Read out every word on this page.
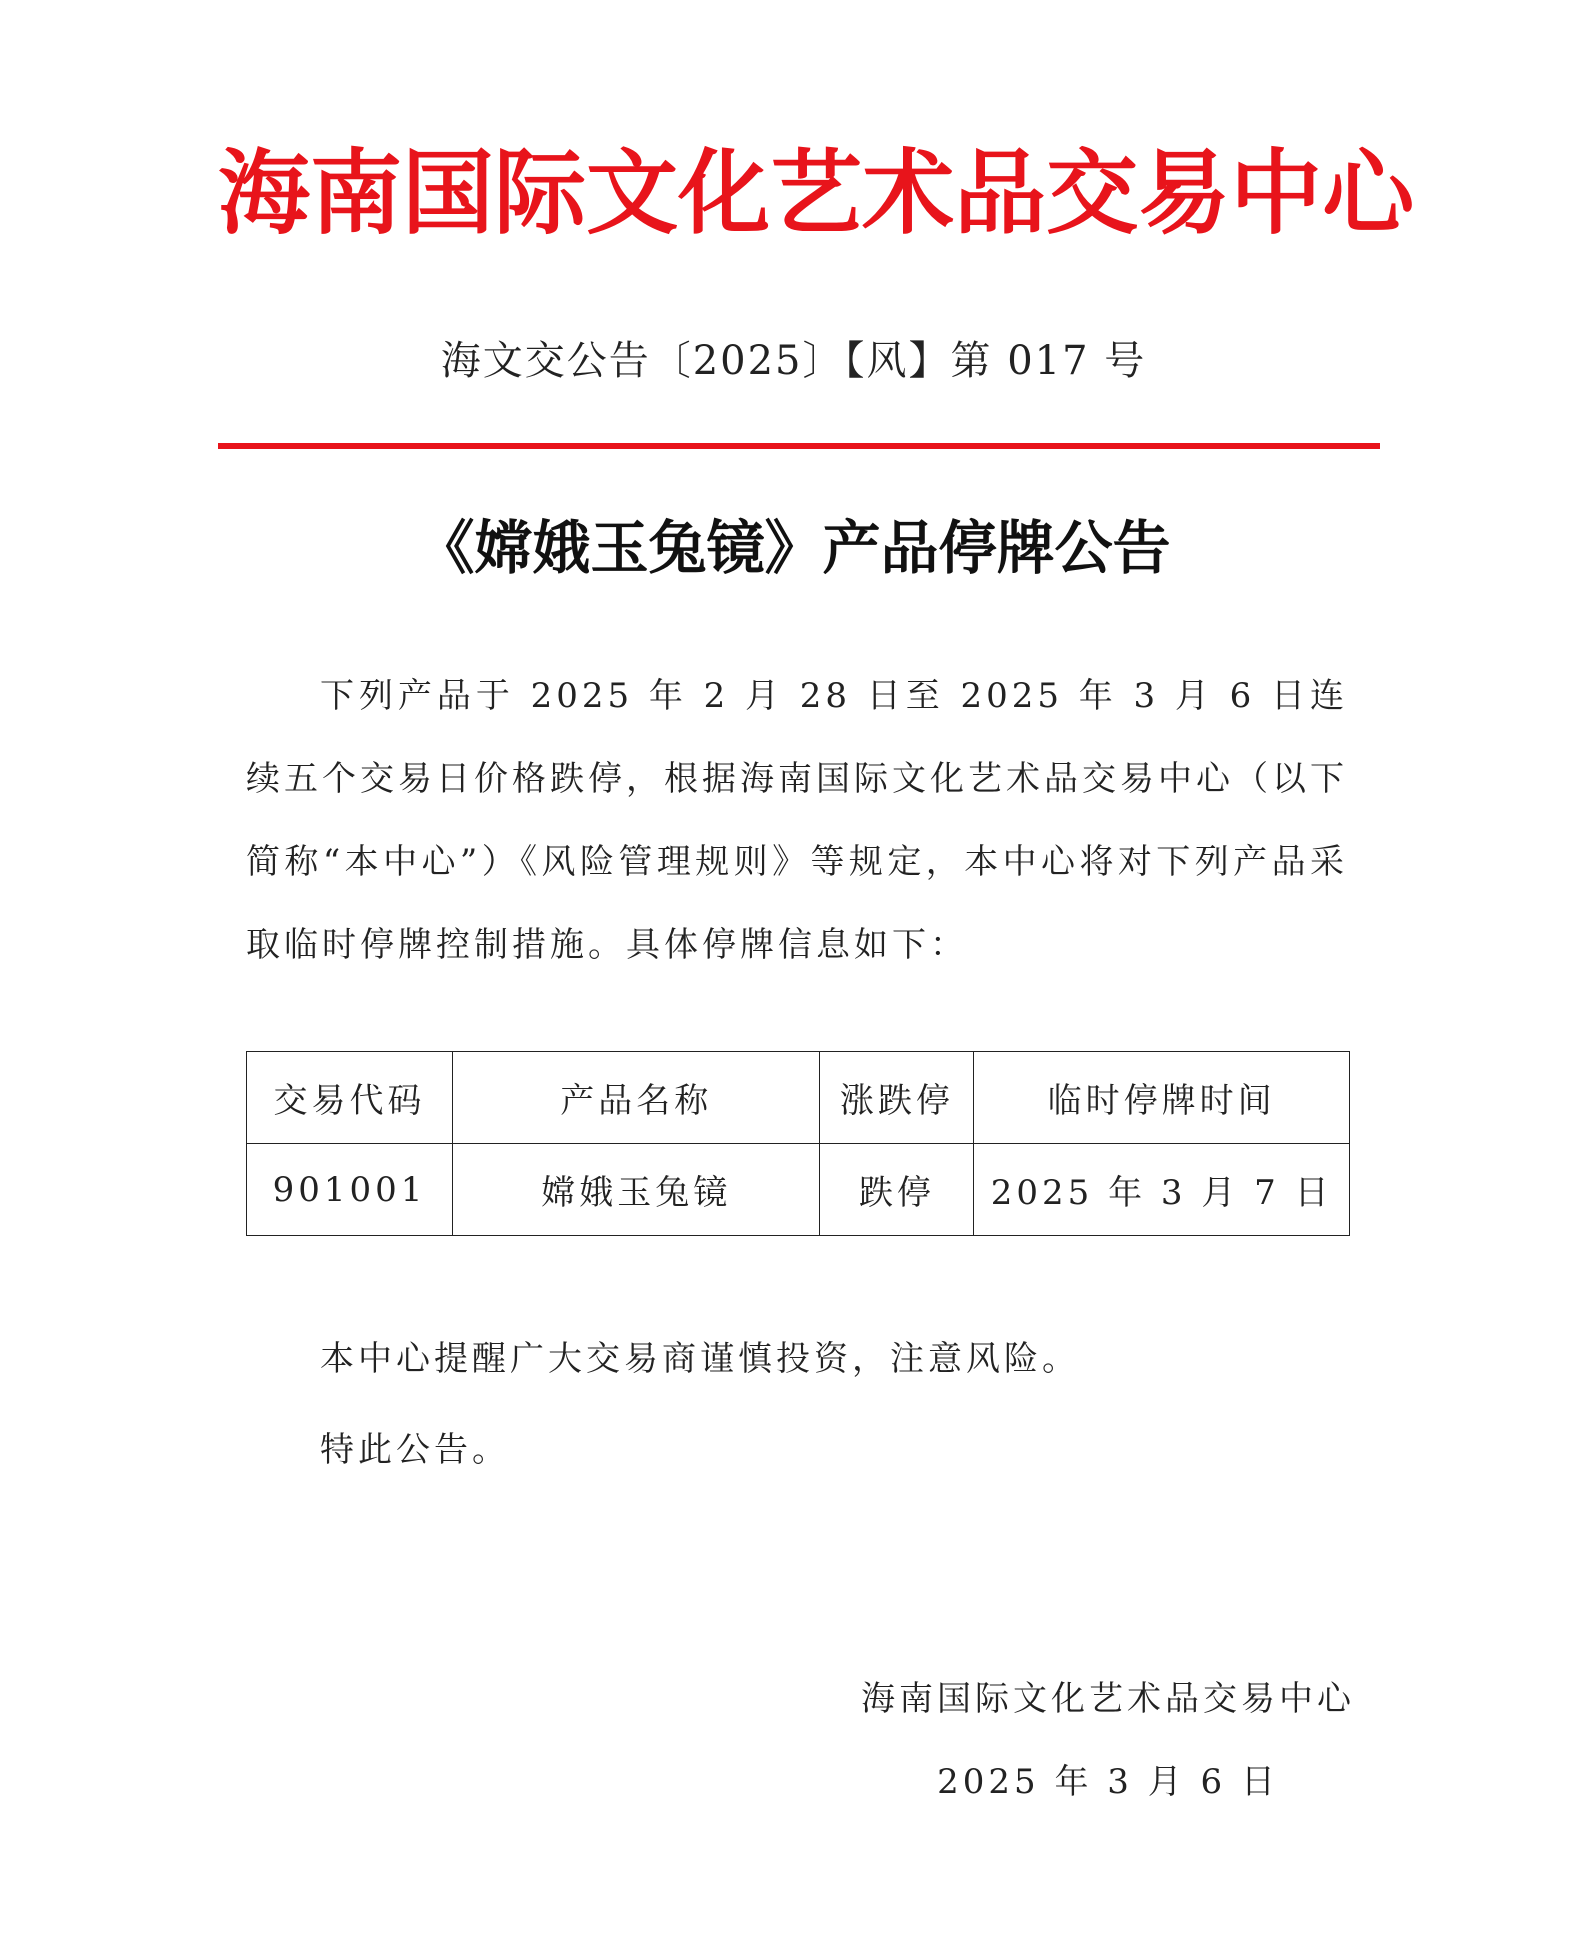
海 南 国 际 文 化 艺 术 品 交 易 中 心
海文交公告〔2025〕【风】第 017 号
《嫦娥玉兔镜》产品停牌公告

下列产品于 2025 年 2 月 28 日至 2025 年 3 月 6 日连续五个交易日价格跌停，根据海南国际文化艺术品交易中心（以下简称“本中心”）《风险管理规则》等规定，本中心将对下列产品采取临时停牌控制措施。具体停牌信息如下：

交易代码	产品名称	涨跌停	临时停牌时间
901001	嫦娥玉兔镜	跌停	2025 年 3 月 7 日

本中心提醒广大交易商谨慎投资，注意风险。

特此公告。

海南国际文化艺术品交易中心

2025 年 3 月 6 日
